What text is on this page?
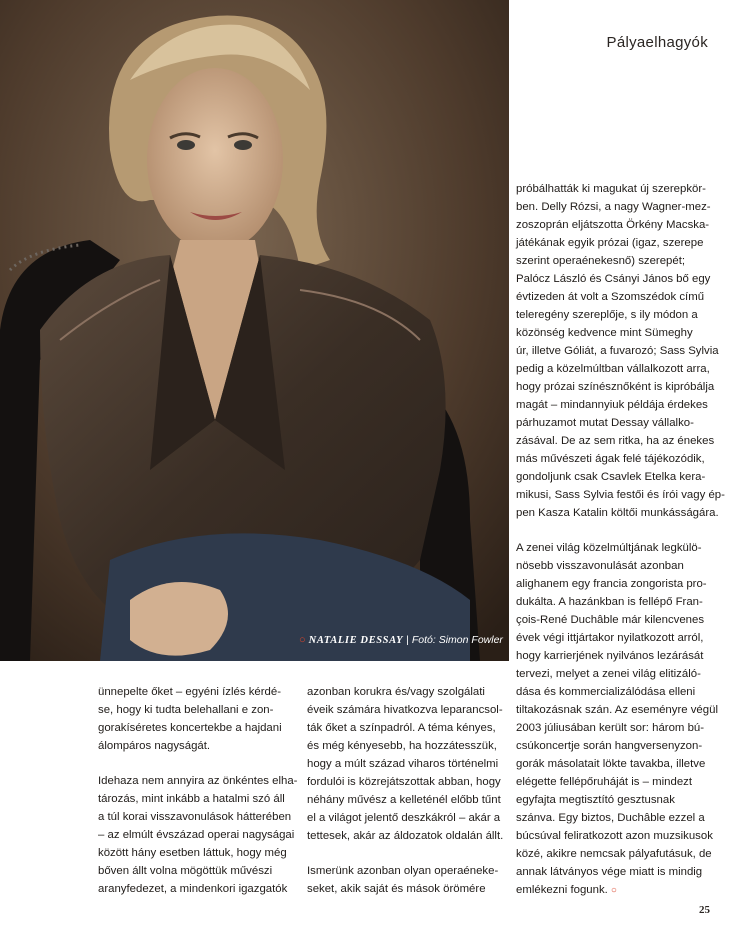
○ NATALIE DESSAY | Fotó: Simon Fowler
Pályaelhagyók

próbálhatták ki magukat új szerepkör-
ben. Delly Rózsi, a nagy Wagner-mez-
zoszoprán eljátszotta Örkény Macska-
játékának egyik prózai (igaz, szerepe
szerint operaénekesnő) szerepét;
Palócz László és Csányi János bő egy
évtizeden át volt a Szomszédok című
teleregény szereplője, s ily módon a
közönség kedvence mint Sümeghy
úr, illetve Góliát, a fuvarozó; Sass Sylvia
pedig a közelmúltban vállalkozott arra,
hogy prózai színésznőként is kipróbálja
magát – mindannyiuk példája érdekes
párhuzamot mutat Dessay vállalko-
zásával. De az sem ritka, ha az énekes
más művészeti ágak felé tájékozódik,
gondoljunk csak Csavlek Etelka kera-
mikusi, Sass Sylvia festői és írói vagy ép-
pen Kasza Katalin költői munkásságára.

A zenei világ közelmúltjának legkülö-
nösebb visszavonulását azonban
alighanem egy francia zongorista pro-
dukálta. A hazánkban is fellépő Fran-
çois-René Duchâble már kilencvenes
évek végi ittjártakor nyilatkozott arról,
hogy karrierjének nyilvános lezárását
tervezi, melyet a zenei világ elitizáló-
dása és kommercializálódása elleni
tiltakozásnak szán. Az eseményre végül
2003 júliusában került sor: három bú-
csúkoncertje során hangversenyzon-
gorák másolatait lökte tavakba, illetve
elégette fellépőruháját is – mindezt
egyfajta megtisztító gesztusnak
szánva. Egy biztos, Duchâble ezzel a
búcsúval feliratkozott azon muzsikusok
közé, akikre nemcsak pályafutásuk, de
annak látványos vége miatt is mindig
emlékezni fogunk. ○

ünnepelte őket – egyéni ízlés kérdé-
se, hogy ki tudta belehallani e zon-
gorakíséretes koncertekbe a hajdani
álompáros nagyságát.

Idehaza nem annyira az önkéntes elha-
tározás, mint inkább a hatalmi szó áll
a túl korai visszavonulások hátterében
– az elmúlt évszázad operai nagyságai
között hány esetben láttuk, hogy még
bőven állt volna mögöttük művészi
aranyfedezet, a mindenkori igazgatók

azonban korukra és/vagy szolgálati
éveik számára hivatkozva leparancsol-
ták őket a színpadról. A téma kényes,
és még kényesebb, ha hozzátesszük,
hogy a múlt század viharos történelmi
fordulói is közrejátszottak abban, hogy
néhány művész a kelleténél előbb tűnt
el a világot jelentő deszkákról – akár a
tettesek, akár az áldozatok oldalán állt.

Ismerünk azonban olyan operaéneke-
seket, akik saját és mások örömére

25
